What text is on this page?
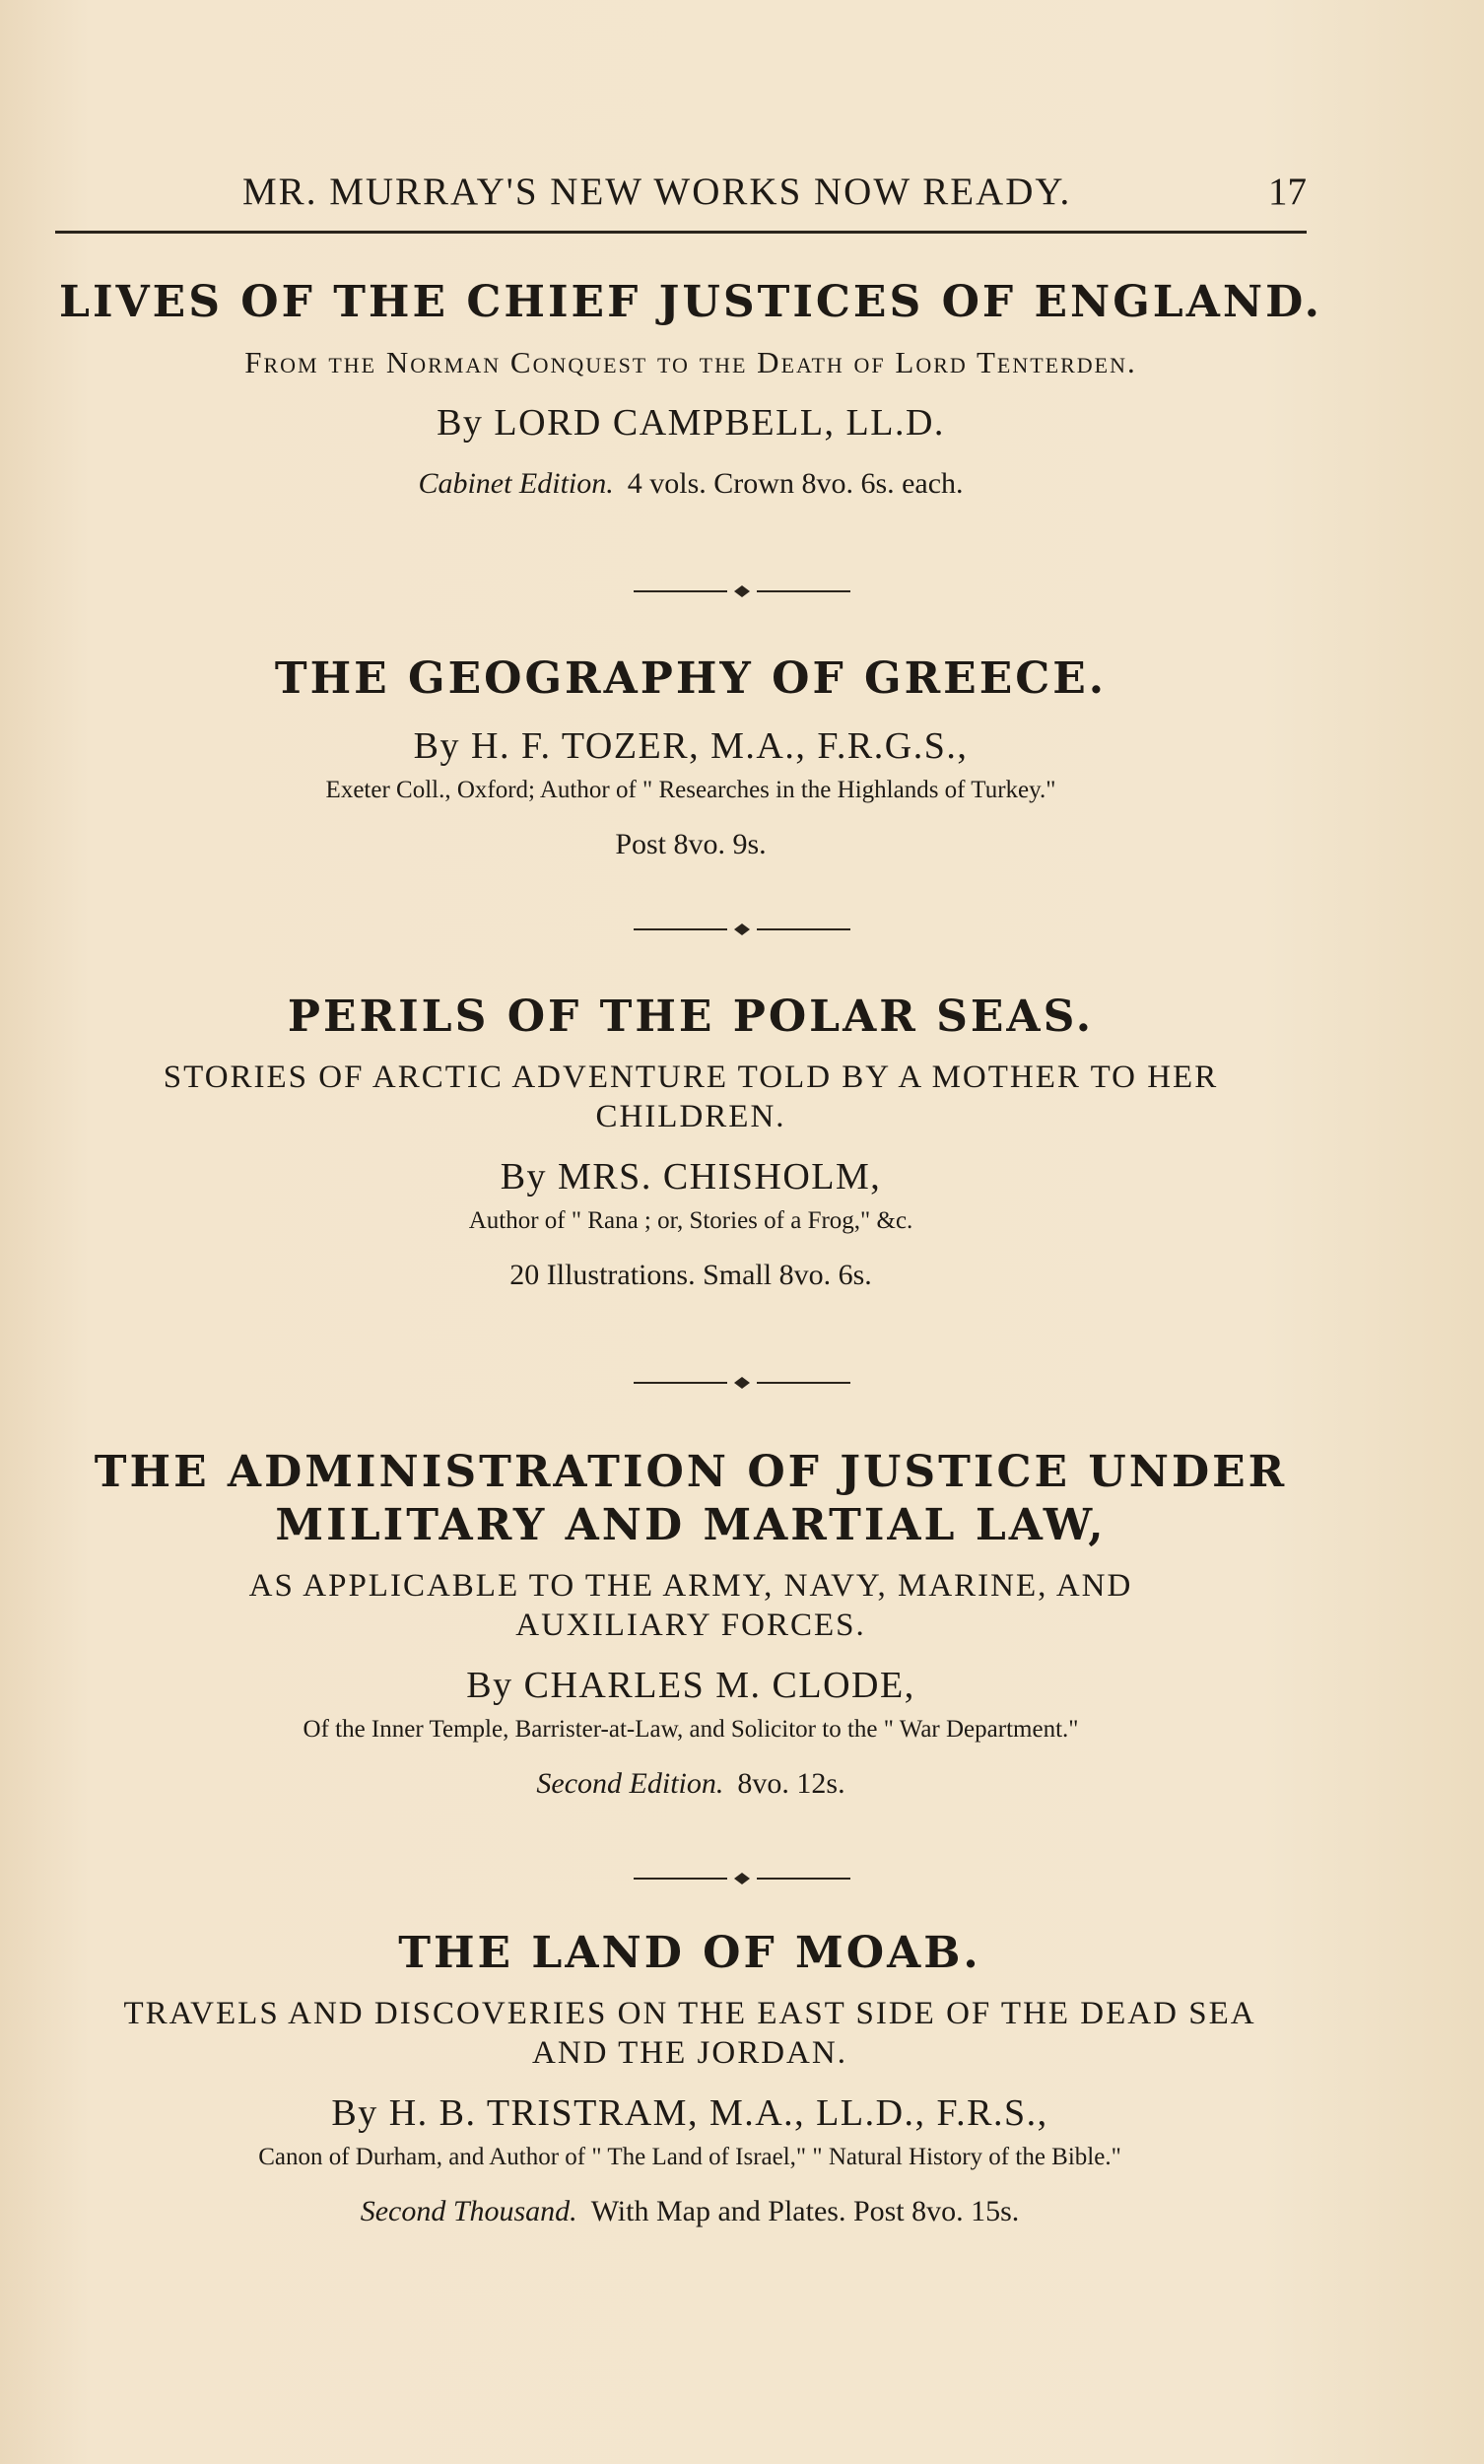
MR. MURRAY'S NEW WORKS NOW READY.	17
LIVES OF THE CHIEF JUSTICES OF ENGLAND.
From the Norman Conquest to the Death of Lord Tenterden.
By LORD CAMPBELL, LL.D.
Cabinet Edition. 4 vols. Crown 8vo. 6s. each.
THE GEOGRAPHY OF GREECE.
By H. F. TOZER, M.A., F.R.G.S.,
Exeter Coll., Oxford; Author of " Researches in the Highlands of Turkey."
Post 8vo. 9s.
PERILS OF THE POLAR SEAS.
STORIES OF ARCTIC ADVENTURE TOLD BY A MOTHER TO HER
CHILDREN.
By MRS. CHISHOLM,
Author of " Rana ; or, Stories of a Frog," &c.
20 Illustrations. Small 8vo. 6s.
THE ADMINISTRATION OF JUSTICE UNDER
MILITARY AND MARTIAL LAW,
AS APPLICABLE TO THE ARMY, NAVY, MARINE, AND
AUXILIARY FORCES.
By CHARLES M. CLODE,
Of the Inner Temple, Barrister-at-Law, and Solicitor to the " War Department."
Second Edition. 8vo. 12s.
THE LAND OF MOAB.
TRAVELS AND DISCOVERIES ON THE EAST SIDE OF THE DEAD SEA
AND THE JORDAN.
By H. B. TRISTRAM, M.A., LL.D., F.R.S.,
Canon of Durham, and Author of " The Land of Israel," " Natural History of the Bible."
Second Thousand. With Map and Plates. Post 8vo. 15s.
